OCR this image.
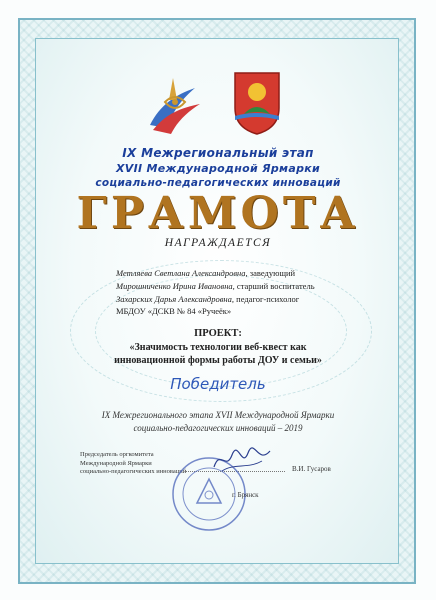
IX Межрегиональный этап
XVII Международной Ярмарки
социально-педагогических инноваций
ГРАМОТА
НАГРАЖДАЕТСЯ
Метляева Светлана Александровна, заведующий
Мирошниченко Ирина Ивановна, старший воспитатель
Захарских Дарья Александровна, педагог-психолог
МБДОУ «ДСКВ № 84 «Ручеёк»
ПРОЕКТ:
«Значимость технологии веб-квест как
инновационной формы работы ДОУ и семьи»
Победитель
IX Межрегионального этапа XVII Международной Ярмарки
социально-педагогических инноваций – 2019
Председатель оргкомитета
Международной Ярмарки
социально-педагогических инноваций	В.И. Гусаров
г. Брянск
